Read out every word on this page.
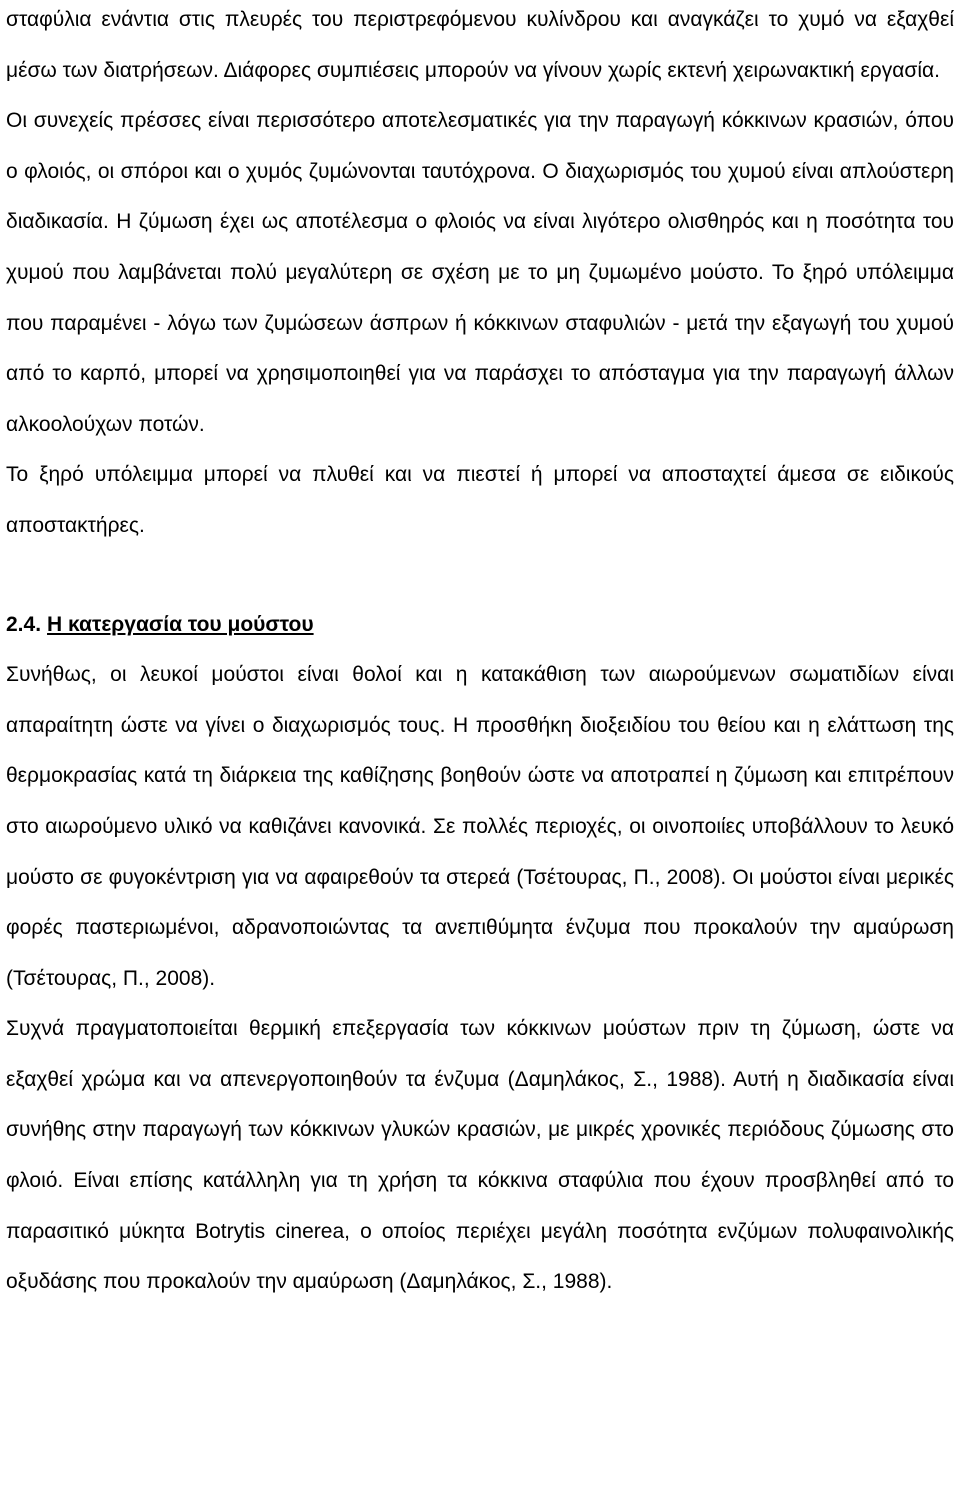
σταφύλια ενάντια στις πλευρές του περιστρεφόμενου κυλίνδρου και αναγκάζει το χυμό να εξαχθεί μέσω των διατρήσεων. Διάφορες συμπιέσεις μπορούν να γίνουν χωρίς εκτενή χειρωνακτική εργασία.

Οι συνεχείς πρέσσες είναι περισσότερο αποτελεσματικές για την παραγωγή κόκκινων κρασιών, όπου ο φλοιός, οι σπόροι και ο χυμός ζυμώνονται ταυτόχρονα. Ο διαχωρισμός του χυμού είναι απλούστερη διαδικασία. Η ζύμωση έχει ως αποτέλεσμα ο φλοιός να είναι λιγότερο ολισθηρός και η ποσότητα του χυμού που λαμβάνεται πολύ μεγαλύτερη σε σχέση με το μη ζυμωμένο μούστο. Το ξηρό υπόλειμμα που παραμένει - λόγω των ζυμώσεων άσπρων ή κόκκινων σταφυλιών - μετά την εξαγωγή του χυμού από το καρπό, μπορεί να χρησιμοποιηθεί για να παράσχει το απόσταγμα για την παραγωγή άλλων αλκοολούχων ποτών.

Το ξηρό υπόλειμμα μπορεί να πλυθεί και να πιεστεί ή μπορεί να αποσταχτεί άμεσα σε ειδικούς αποστακτήρες.

2.4. Η κατεργασία του μούστου

Συνήθως, οι λευκοί μούστοι είναι θολοί και η κατακάθιση των αιωρούμενων σωματιδίων είναι απαραίτητη ώστε να γίνει ο διαχωρισμός τους. Η προσθήκη διοξειδίου του θείου και η ελάττωση της θερμοκρασίας κατά τη διάρκεια της καθίζησης βοηθούν ώστε να αποτραπεί η ζύμωση και επιτρέπουν στο αιωρούμενο υλικό να καθιζάνει κανονικά. Σε πολλές περιοχές, οι οινοποιίες υποβάλλουν το λευκό μούστο σε φυγοκέντριση για να αφαιρεθούν τα στερεά (Τσέτουρας, Π., 2008). Οι μούστοι είναι μερικές φορές παστεριωμένοι, αδρανοποιώντας τα ανεπιθύμητα ένζυμα που προκαλούν την αμαύρωση (Τσέτουρας, Π., 2008).

Συχνά πραγματοποιείται θερμική επεξεργασία των κόκκινων μούστων πριν τη ζύμωση, ώστε να εξαχθεί χρώμα και να απενεργοποιηθούν τα ένζυμα (Δαμηλάκος, Σ., 1988). Αυτή η διαδικασία είναι συνήθης στην παραγωγή των κόκκινων γλυκών κρασιών, με μικρές χρονικές περιόδους ζύμωσης στο φλοιό. Είναι επίσης κατάλληλη για τη χρήση τα κόκκινα σταφύλια που έχουν προσβληθεί από το παρασιτικό μύκητα Botrytis cinerea, ο οποίος περιέχει μεγάλη ποσότητα ενζύμων πολυφαινολικής οξυδάσης που προκαλούν την αμαύρωση (Δαμηλάκος, Σ., 1988).
